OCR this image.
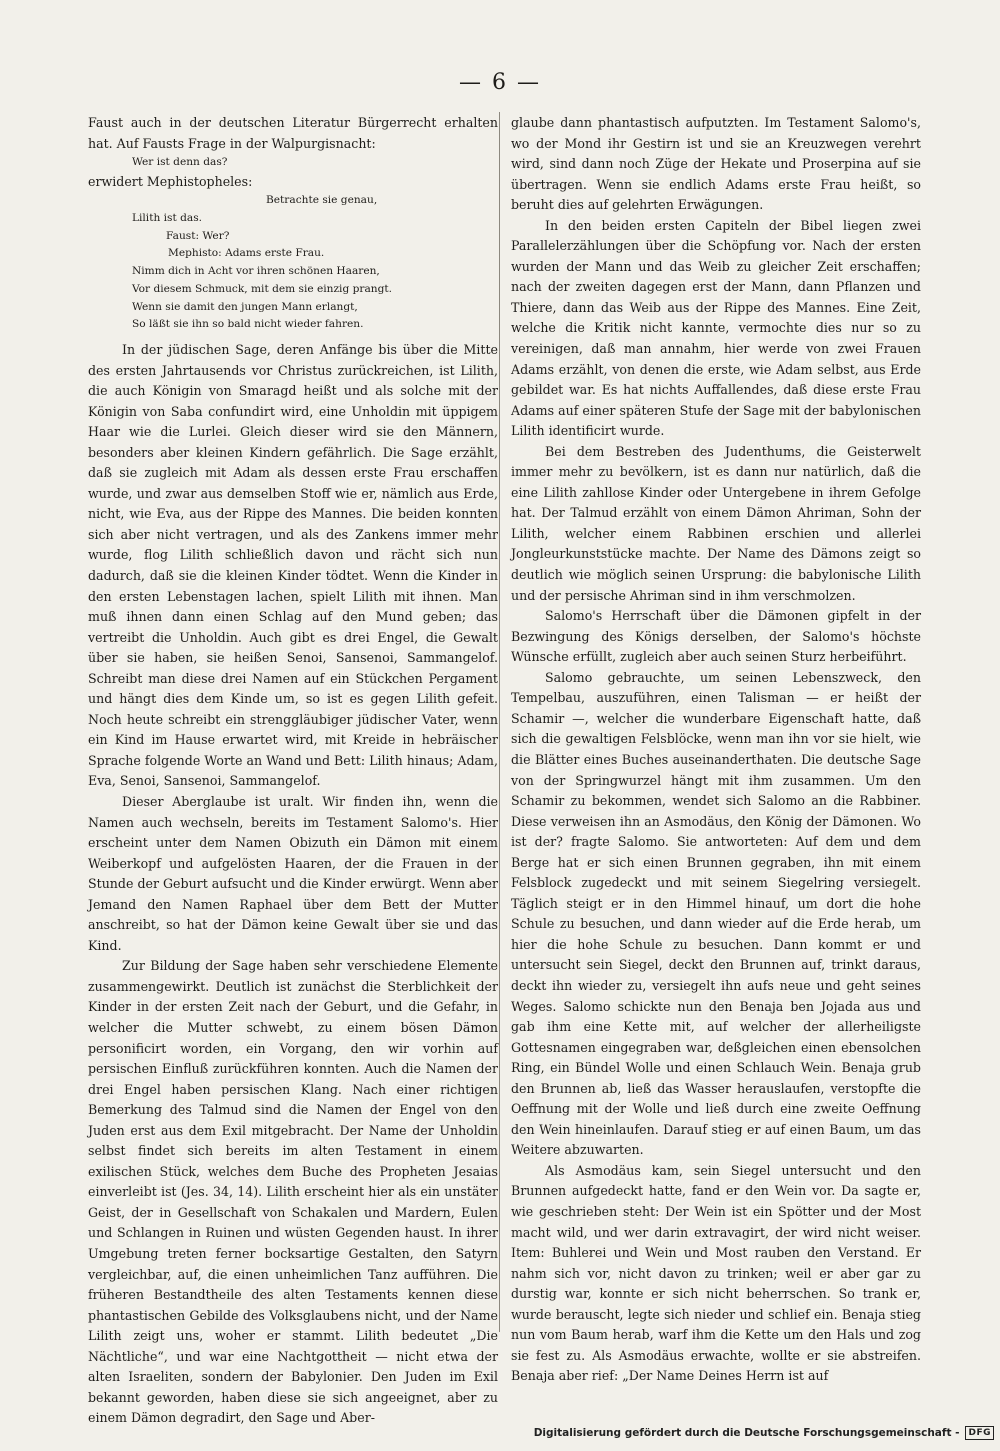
— 6 —

Faust auch in der deutschen Literatur Bürgerrecht erhalten hat. Auf Fausts Frage in der Walpurgisnacht:

Wer ist denn das?

erwidert Mephistopheles:

Betrachte sie genau,
Lilith ist das.
Faust: Wer?
Mephisto: Adams erste Frau.
Nimm dich in Acht vor ihren schönen Haaren,
Vor diesem Schmuck, mit dem sie einzig prangt.
Wenn sie damit den jungen Mann erlangt,
So läßt sie ihn so bald nicht wieder fahren.

In der jüdischen Sage, deren Anfänge bis über die Mitte des ersten Jahrtausends vor Christus zurückreichen, ist Lilith, die auch Königin von Smaragd heißt und als solche mit der Königin von Saba confundirt wird, eine Unholdin mit üppigem Haar wie die Lurlei. Gleich dieser wird sie den Männern, besonders aber kleinen Kindern gefährlich. Die Sage erzählt, daß sie zugleich mit Adam als dessen erste Frau erschaffen wurde, und zwar aus demselben Stoff wie er, nämlich aus Erde, nicht, wie Eva, aus der Rippe des Mannes. Die beiden konnten sich aber nicht vertragen, und als des Zankens immer mehr wurde, flog Lilith schließlich davon und rächt sich nun dadurch, daß sie die kleinen Kinder tödtet. Wenn die Kinder in den ersten Lebenstagen lachen, spielt Lilith mit ihnen. Man muß ihnen dann einen Schlag auf den Mund geben; das vertreibt die Unholdin. Auch gibt es drei Engel, die Gewalt über sie haben, sie heißen Senoi, Sansenoi, Sammangelof. Schreibt man diese drei Namen auf ein Stückchen Pergament und hängt dies dem Kinde um, so ist es gegen Lilith gefeit. Noch heute schreibt ein strenggläubiger jüdischer Vater, wenn ein Kind im Hause erwartet wird, mit Kreide in hebräischer Sprache folgende Worte an Wand und Bett: Lilith hinaus; Adam, Eva, Senoi, Sansenoi, Sammangelof.

Dieser Aberglaube ist uralt. Wir finden ihn, wenn die Namen auch wechseln, bereits im Testament Salomo's. Hier erscheint unter dem Namen Obizuth ein Dämon mit einem Weiberkopf und aufgelösten Haaren, der die Frauen in der Stunde der Geburt aufsucht und die Kinder erwürgt. Wenn aber Jemand den Namen Raphael über dem Bett der Mutter anschreibt, so hat der Dämon keine Gewalt über sie und das Kind.

Zur Bildung der Sage haben sehr verschiedene Elemente zusammengewirkt. Deutlich ist zunächst die Sterblichkeit der Kinder in der ersten Zeit nach der Geburt, und die Gefahr, in welcher die Mutter schwebt, zu einem bösen Dämon personificirt worden, ein Vorgang, den wir vorhin auf persischen Einfluß zurückführen konnten. Auch die Namen der drei Engel haben persischen Klang. Nach einer richtigen Bemerkung des Talmud sind die Namen der Engel von den Juden erst aus dem Exil mitgebracht. Der Name der Unholdin selbst findet sich bereits im alten Testament in einem exilischen Stück, welches dem Buche des Propheten Jesaias einverleibt ist (Jes. 34, 14). Lilith erscheint hier als ein unstäter Geist, der in Gesellschaft von Schakalen und Mardern, Eulen und Schlangen in Ruinen und wüsten Gegenden haust. In ihrer Umgebung treten ferner bocksartige Gestalten, den Satyrn vergleichbar, auf, die einen unheimlichen Tanz aufführen. Die früheren Bestandtheile des alten Testaments kennen diese phantastischen Gebilde des Volksglaubens nicht, und der Name Lilith zeigt uns, woher er stammt. Lilith bedeutet „Die Nächtliche“, und war eine Nachtgottheit — nicht etwa der alten Israeliten, sondern der Babylonier. Den Juden im Exil bekannt geworden, haben diese sie sich angeeignet, aber zu einem Dämon degradirt, den Sage und Aber-

glaube dann phantastisch aufputzten. Im Testament Salomo's, wo der Mond ihr Gestirn ist und sie an Kreuzwegen verehrt wird, sind dann noch Züge der Hekate und Proserpina auf sie übertragen. Wenn sie endlich Adams erste Frau heißt, so beruht dies auf gelehrten Erwägungen.

In den beiden ersten Capiteln der Bibel liegen zwei Parallelerzählungen über die Schöpfung vor. Nach der ersten wurden der Mann und das Weib zu gleicher Zeit erschaffen; nach der zweiten dagegen erst der Mann, dann Pflanzen und Thiere, dann das Weib aus der Rippe des Mannes. Eine Zeit, welche die Kritik nicht kannte, vermochte dies nur so zu vereinigen, daß man annahm, hier werde von zwei Frauen Adams erzählt, von denen die erste, wie Adam selbst, aus Erde gebildet war. Es hat nichts Auffallendes, daß diese erste Frau Adams auf einer späteren Stufe der Sage mit der babylonischen Lilith identificirt wurde.

Bei dem Bestreben des Judenthums, die Geisterwelt immer mehr zu bevölkern, ist es dann nur natürlich, daß die eine Lilith zahllose Kinder oder Untergebene in ihrem Gefolge hat. Der Talmud erzählt von einem Dämon Ahriman, Sohn der Lilith, welcher einem Rabbinen erschien und allerlei Jongleurkunststücke machte. Der Name des Dämons zeigt so deutlich wie möglich seinen Ursprung: die babylonische Lilith und der persische Ahriman sind in ihm verschmolzen.

Salomo's Herrschaft über die Dämonen gipfelt in der Bezwingung des Königs derselben, der Salomo's höchste Wünsche erfüllt, zugleich aber auch seinen Sturz herbeiführt.

Salomo gebrauchte, um seinen Lebenszweck, den Tempelbau, auszuführen, einen Talisman — er heißt der Schamir —, welcher die wunderbare Eigenschaft hatte, daß sich die gewaltigen Felsblöcke, wenn man ihn vor sie hielt, wie die Blätter eines Buches auseinanderthaten. Die deutsche Sage von der Springwurzel hängt mit ihm zusammen. Um den Schamir zu bekommen, wendet sich Salomo an die Rabbiner. Diese verweisen ihn an Asmodäus, den König der Dämonen. Wo ist der? fragte Salomo. Sie antworteten: Auf dem und dem Berge hat er sich einen Brunnen gegraben, ihn mit einem Felsblock zugedeckt und mit seinem Siegelring versiegelt. Täglich steigt er in den Himmel hinauf, um dort die hohe Schule zu besuchen, und dann wieder auf die Erde herab, um hier die hohe Schule zu besuchen. Dann kommt er und untersucht sein Siegel, deckt den Brunnen auf, trinkt daraus, deckt ihn wieder zu, versiegelt ihn aufs neue und geht seines Weges. Salomo schickte nun den Benaja ben Jojada aus und gab ihm eine Kette mit, auf welcher der allerheiligste Gottesnamen eingegraben war, deßgleichen einen ebensolchen Ring, ein Bündel Wolle und einen Schlauch Wein. Benaja grub den Brunnen ab, ließ das Wasser herauslaufen, verstopfte die Oeffnung mit der Wolle und ließ durch eine zweite Oeffnung den Wein hineinlaufen. Darauf stieg er auf einen Baum, um das Weitere abzuwarten.

Als Asmodäus kam, sein Siegel untersucht und den Brunnen aufgedeckt hatte, fand er den Wein vor. Da sagte er, wie geschrieben steht: Der Wein ist ein Spötter und der Most macht wild, und wer darin extravagirt, der wird nicht weiser. Item: Buhlerei und Wein und Most rauben den Verstand. Er nahm sich vor, nicht davon zu trinken; weil er aber gar zu durstig war, konnte er sich nicht beherrschen. So trank er, wurde berauscht, legte sich nieder und schlief ein. Benaja stieg nun vom Baum herab, warf ihm die Kette um den Hals und zog sie fest zu. Als Asmodäus erwachte, wollte er sie abstreifen. Benaja aber rief: „Der Name Deines Herrn ist auf

Digitalisierung gefördert durch die Deutsche Forschungsgemeinschaft -	DFG
